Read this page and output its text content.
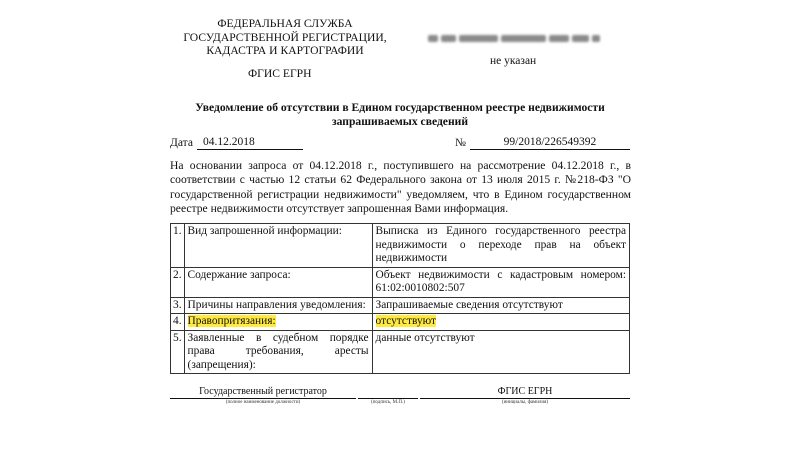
ФЕДЕРАЛЬНАЯ СЛУЖБА
ГОСУДАРСТВЕННОЙ РЕГИСТРАЦИИ,
КАДАСТРА И КАРТОГРАФИИ
ФГИС ЕГРН
не указан
Уведомление об отсутствии в Едином государственном реестре недвижимости
запрашиваемых сведений
Дата 04.12.2018	№	99/2018/226549392
На основании запроса от 04.12.2018 г., поступившего на рассмотрение 04.12.2018 г., в соответствии с частью 12 статьи 62 Федерального закона от 13 июля 2015 г. №218-ФЗ "О государственной регистрации недвижимости" уведомляем, что в Едином государственном реестре недвижимости отсутствует запрошенная Вами информация.
1.	Вид запрошенной информации:	Выписка из Единого государственного реестра недвижимости о переходе прав на объект недвижимости
2.	Содержание запроса:	Объект недвижимости с кадастровым номером: 61:02:0010802:507
3.	Причины направления уведомления:	Запрашиваемые сведения отсутствуют
4.	Правопритязания:	отсутствуют
5.	Заявленные в судебном порядке права требования, аресты (запрещения):	данные отсутствуют
Государственный регистратор
(полное наименование должности)
	(подпись, М.П.)
ФГИС ЕГРН
(инициалы, фамилия)
